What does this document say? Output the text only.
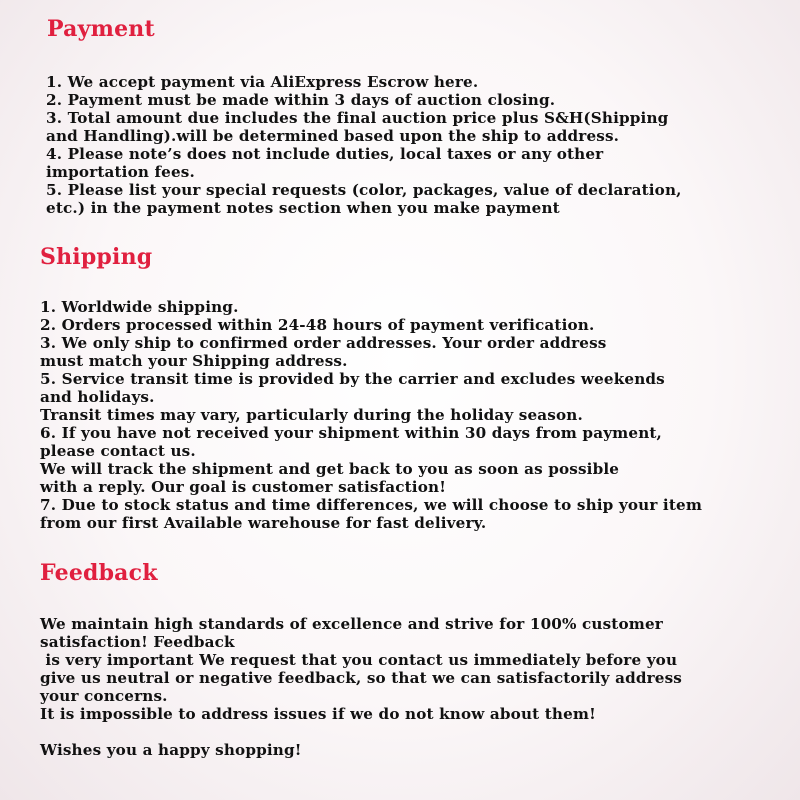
Payment
1. We accept payment via AliExpress Escrow here.
2. Payment must be made within 3 days of auction closing.
3. Total amount due includes the final auction price plus S&H(Shipping
and Handling).will be determined based upon the ship to address.
4. Please note’s does not include duties, local taxes or any other
importation fees.
5. Please list your special requests (color, packages, value of declaration,
etc.) in the payment notes section when you make payment
Shipping
1. Worldwide shipping.
2. Orders processed within 24-48 hours of payment verification.
3. We only ship to confirmed order addresses. Your order address
must match your Shipping address.
5. Service transit time is provided by the carrier and excludes weekends
and holidays.
Transit times may vary, particularly during the holiday season.
6. If you have not received your shipment within 30 days from payment,
please contact us.
We will track the shipment and get back to you as soon as possible
with a reply. Our goal is customer satisfaction!
7. Due to stock status and time differences, we will choose to ship your item
from our first Available warehouse for fast delivery.
Feedback
We maintain high standards of excellence and strive for 100% customer
satisfaction! Feedback
is very important We request that you contact us immediately before you
give us neutral or negative feedback, so that we can satisfactorily address
your concerns.
It is impossible to address issues if we do not know about them!

Wishes you a happy shopping!
